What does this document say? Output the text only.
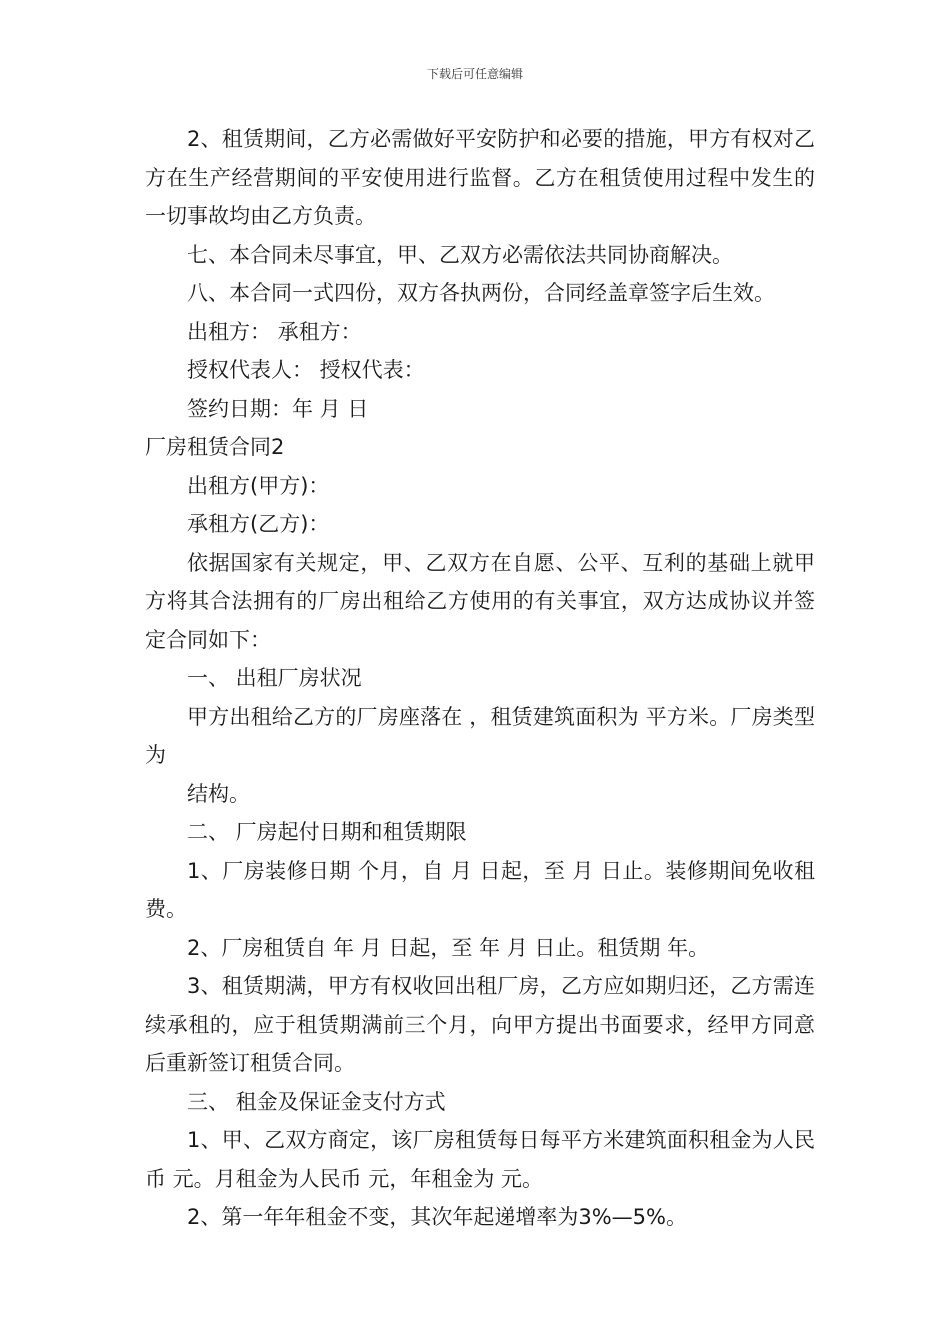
下载后可任意编辑

2、租赁期间，乙方必需做好平安防护和必要的措施，甲方有权对乙方在生产经营期间的平安使用进行监督。乙方在租赁使用过程中发生的一切事故均由乙方负责。

七、本合同未尽事宜，甲、乙双方必需依法共同协商解决。

八、本合同一式四份，双方各执两份，合同经盖章签字后生效。

出租方： 承租方：

授权代表人： 授权代表：

签约日期：年 月 日

厂房租赁合同2

出租方(甲方)：

承租方(乙方)：

依据国家有关规定，甲、乙双方在自愿、公平、互利的基础上就甲方将其合法拥有的厂房出租给乙方使用的有关事宜，双方达成协议并签定合同如下：

一、 出租厂房状况

甲方出租给乙方的厂房座落在 ，租赁建筑面积为 平方米。厂房类型为

结构。

二、 厂房起付日期和租赁期限

1、厂房装修日期 个月，自 月 日起，至 月 日止。装修期间免收租费。

2、厂房租赁自 年 月 日起，至 年 月 日止。租赁期 年。

3、租赁期满，甲方有权收回出租厂房，乙方应如期归还，乙方需连续承租的，应于租赁期满前三个月，向甲方提出书面要求，经甲方同意后重新签订租赁合同。

三、 租金及保证金支付方式

1、甲、乙双方商定，该厂房租赁每日每平方米建筑面积租金为人民币 元。月租金为人民币 元，年租金为 元。

2、第一年年租金不变，其次年起递增率为3%—5%。
